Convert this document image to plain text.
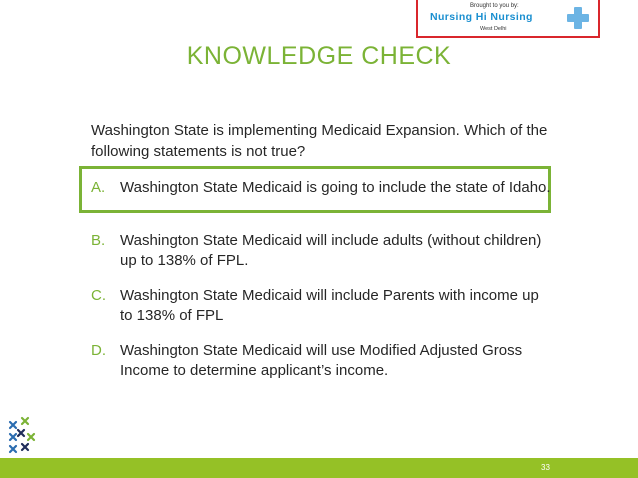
Brought to you by:
Nursing Hi Nursing
West Delhi
KNOWLEDGE CHECK
Washington State is implementing Medicaid Expansion. Which of the following statements is not true?
A. Washington State Medicaid is going to include the state of Idaho.
B. Washington State Medicaid will include adults (without children) up to 138% of FPL.
C. Washington State Medicaid will include Parents with income up to 138% of FPL
D. Washington State Medicaid will use Modified Adjusted Gross Income to determine applicant’s income.
33
